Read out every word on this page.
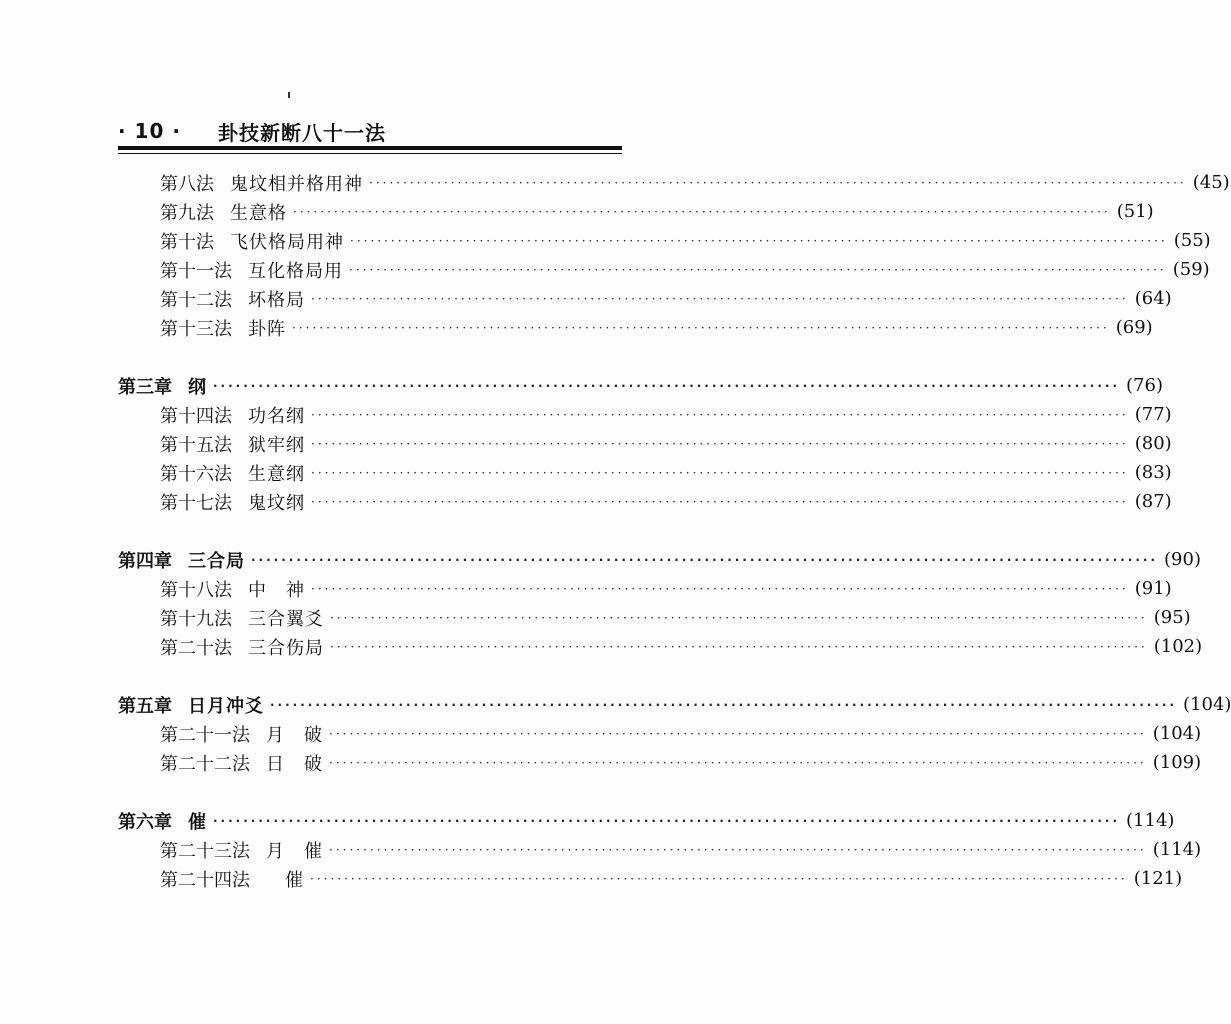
· 10 ·	卦技新断八十一法
第八法 鬼坟相并格用神 ························································································································ (45)
第九法 生意格 ························································································································ (51)
第十法 飞伏格局用神 ························································································································ (55)
第十一法 互化格局用 ························································································································ (59)
第十二法 坏格局 ························································································································ (64)
第十三法 卦阵 ························································································································ (69)
第三章 纲 ························································································································ (76)
第十四法 功名纲 ························································································································ (77)
第十五法 狱牢纲 ························································································································ (80)
第十六法 生意纲 ························································································································ (83)
第十七法 鬼坟纲 ························································································································ (87)
第四章 三合局 ························································································································ (90)
第十八法 中　神 ························································································································ (91)
第十九法 三合翼爻 ························································································································ (95)
第二十法 三合伤局 ························································································································ (102)
第五章 日月冲爻 ························································································································ (104)
第二十一法 月　破 ························································································································ (104)
第二十二法 日　破 ························································································································ (109)
第六章 催 ························································································································ (114)
第二十三法 月　催 ························································································································ (114)
第二十四法 　催 ························································································································ (121)
